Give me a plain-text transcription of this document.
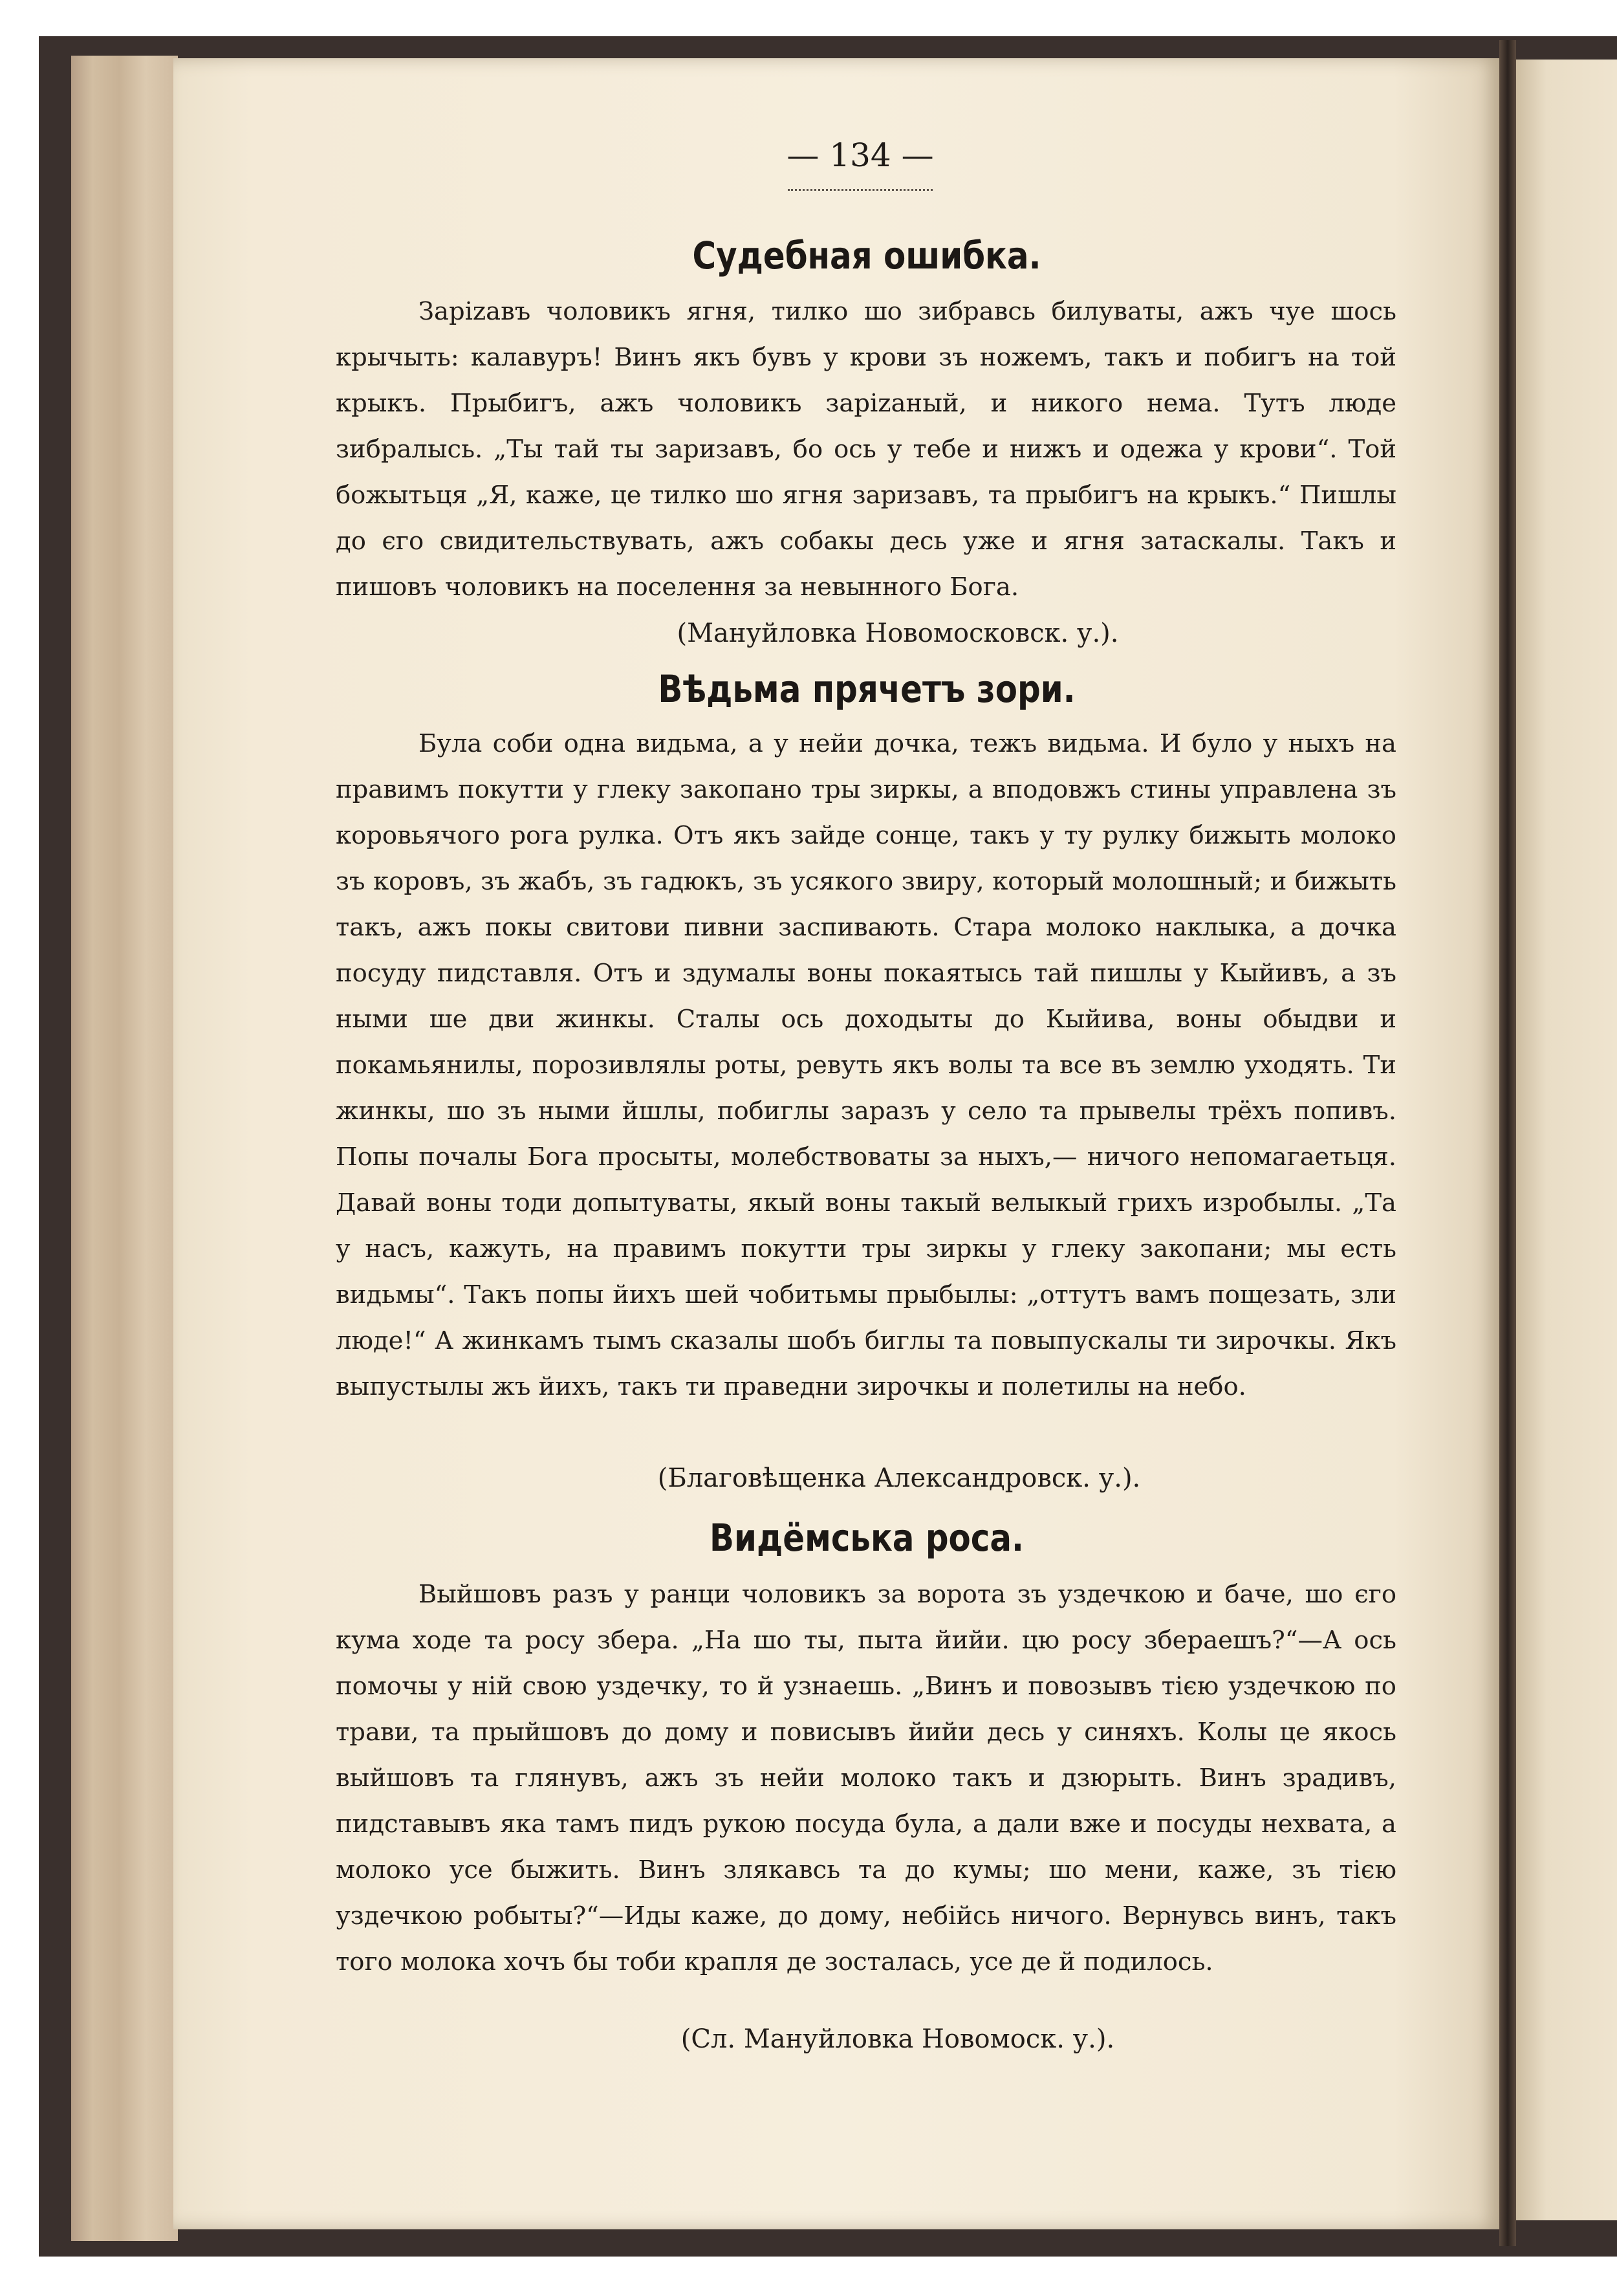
— 134 —
Судебная ошибка.

Зарizавъ чоловикъ ягня, тилко шо зибравсь билуваты, ажъ чуе шось крычыть: калавуръ! Винъ якъ бувъ у крови зъ ножемъ, такъ и побигъ на той крыкъ. Прыбигъ, ажъ чоловикъ зарizаный, и никого нема. Тутъ люде зибралысь. „Ты тай ты заризавъ, бо ось у тебе и нижъ и одежа у крови“. Той божытьця „Я, каже, це тилко шо ягня заризавъ, та прыбигъ на крыкъ.“ Пишлы до єго свидительствувать, ажъ собакы десь уже и ягня затаскалы. Такъ и пишовъ чоловикъ на поселення за невынного Бога.

(Мануйловка Новомосковск. у.).
Вѣдьма прячетъ зори.

Була соби одна видьма, а у нейи дочка, тежъ видьма. И було у ныхъ на правимъ покутти у глеку закопано тры зиркы, а вподовжъ стины управлена зъ коровьячого рога рулка. Отъ якъ зайде сонце, такъ у ту рулку бижыть молоко зъ коровъ, зъ жабъ, зъ гадюкъ, зъ усякого звиру, который молошный; и бижыть такъ, ажъ покы свитови пивни заспивають. Стара молоко наклыка, а дочка посуду пидставля. Отъ и здумалы воны покаятысь тай пишлы у Кыйивъ, а зъ ными ше дви жинкы. Сталы ось доходыты до Кыйива, воны обыдви и покамьянилы, порозивлялы роты, ревуть якъ волы та все въ землю уходять. Ти жинкы, шо зъ ными йшлы, побиглы заразъ у село та прывелы трёхъ попивъ. Попы почалы Бога просыты, молебствоваты за ныхъ,— ничого непомагаетьця. Давай воны тоди допытуваты, якый воны такый велыкый грихъ изробылы. „Та у насъ, кажуть, на правимъ покутти тры зиркы у глеку закопани; мы есть видьмы“. Такъ попы йихъ шей чобитьмы прыбылы: „оттутъ вамъ пощезать, зли люде!“ А жинкамъ тымъ сказалы шобъ биглы та повыпускалы ти зирочкы. Якъ выпустылы жъ йихъ, такъ ти праведни зирочкы и полетилы на небо.

(Благовѣщенка Александровск. у.).
Видёмська роса.

Выйшовъ разъ у ранци чоловикъ за ворота зъ уздечкою и баче, шо єго кума ходе та росу збера. „На шо ты, пыта йийи. цю росу збераешъ?“—А ось помочы у ній свою уздечку, то й узнаешь. „Винъ и повозывъ тією уздечкою по трави, та прыйшовъ до дому и повисывъ йийи десь у синяхъ. Колы це якось выйшовъ та глянувъ, ажъ зъ нейи молоко такъ и дзюрыть. Винъ зрадивъ, пидставывъ яка тамъ пидъ рукою посуда була, а дали вже и посуды нехвата, а молоко усе быжить. Винъ злякавсь та до кумы; шо мени, каже, зъ тією уздечкою робыты?“—Иды каже, до дому, небійсь ничого. Вернувсь винъ, такъ того молока хочъ бы тоби крапля де зосталась, усе де й подилось.

(Сл. Мануйловка Новомоск. у.).
